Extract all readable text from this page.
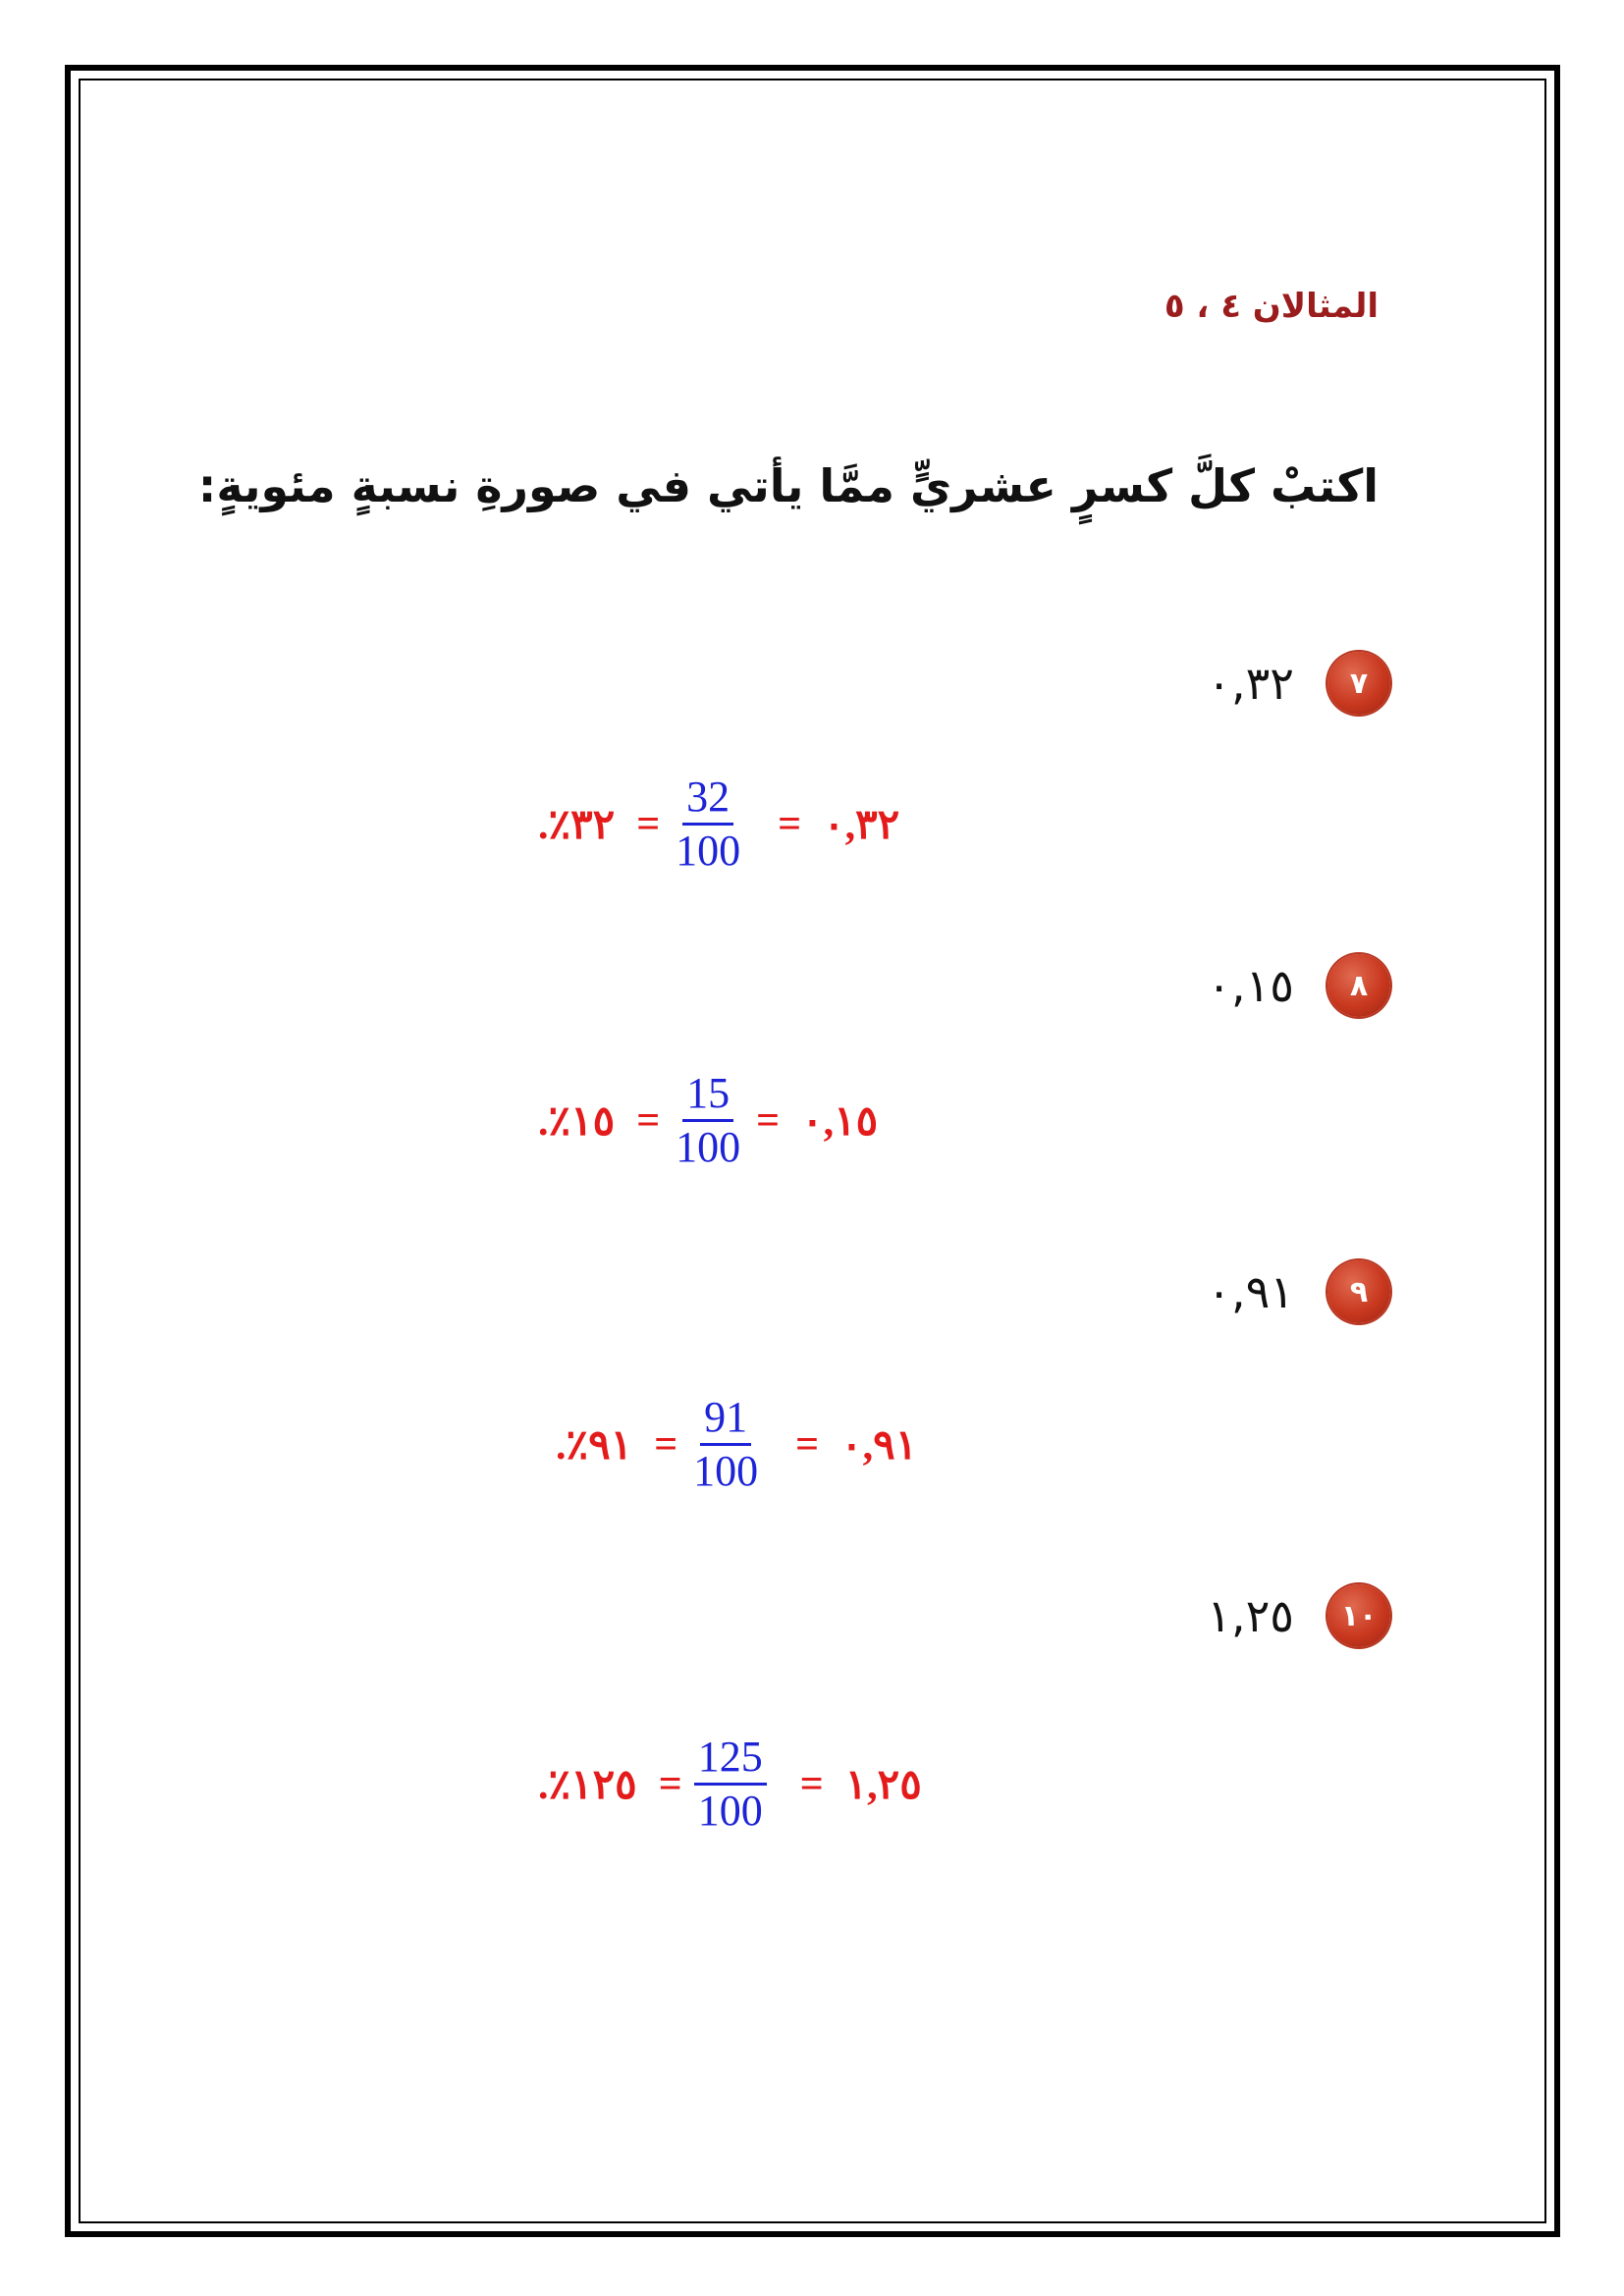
المثالان ٤ ، ٥
اكتبْ كلَّ كسرٍ عشريٍّ ممَّا يأتي في صورةِ نسبةٍ مئويةٍ:
٧
٠,٣٢
.٪٣٢ = $\frac{32}{100}$ = ٠,٣٢
٨
٠,١٥
.٪١٥ = $\frac{15}{100}$ = ٠,١٥
٩
٠,٩١
.٪٩١ = $\frac{91}{100}$ = ٠,٩١
١٠
١,٢٥
.٪١٢٥ = $\frac{125}{100}$ = ١,٢٥
